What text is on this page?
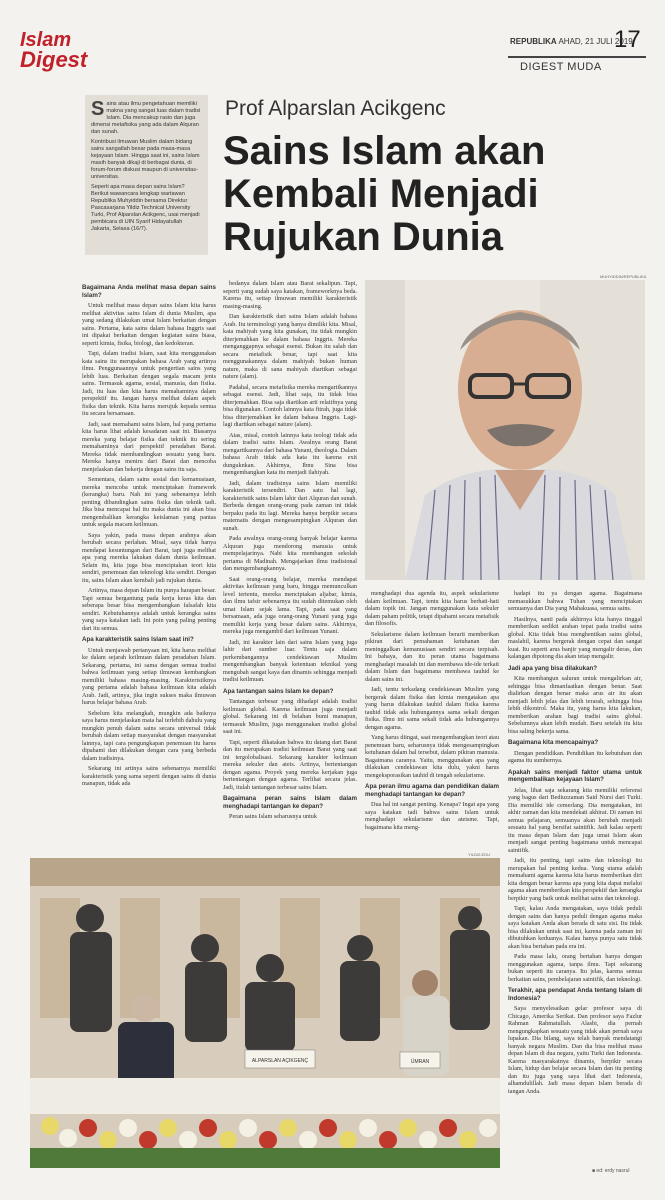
Islam
Digest
REPUBLIKA AHAD, 21 JULI 2019
17
DIGEST MUDA
S ains atau ilmu pengetahuan memiliki makna yang sangat luas dalam tradisi Islam. Dia mencakup rasio dan juga dimensi metafisika yang ada dalam Alquran dan sunah.

Kontribusi ilmuwan Muslim dalam bidang sains sangatlah besar pada masa-masa kejayaan Islam. Hingga saat ini, sains Islam masih banyak dikaji di berbagai dunia, di forum-forum diskusi maupun di universitas-universitas.

Seperti apa masa depan sains Islam? Berikut wawancara lengkap wartawan Republika Muhyiddin bersama Direktur Pascasarjana Yildiz Technical University Turki, Prof Alparslan Acikgenc, usai menjadi pembicara di UIN Syarif Hidayatullah Jakarta, Selasa (16/7).

Prof Alparslan Acikgenc
Sains Islam akan Kembali Menjadi Rujukan Dunia
MUHYIDDIN/REPUBLIKA

Bagaimana Anda melihat masa depan sains Islam?

Untuk melihat masa depan sains Islam kita harus melihat aktivitas sains Islam di dunia Muslim, apa yang sedang dilakukan umat Islam berkaitan dengan sains. Pertama, kata sains dalam bahasa Inggris saat ini dipakai berkaitan dengan kegiatan sains biasa, seperti kimia, fisika, biologi, dan kedokteran.

Tapi, dalam tradisi Islam, saat kita menggunakan kata sains itu merupakan bahasa Arab yang artinya ilmu. Penggunaannya untuk pengertian sains yang lebih luas. Berkaitan dengan segala macam jenis sains. Termasuk agama, sosial, manusia, dan fisika. Jadi, itu luas dan kita harus memahaminya dalam perspektif itu. Jangan hanya melihat dalam aspek fisika dan teknik. Kita harus merujuk kepada semua itu secara bersamaan.

Jadi, saat memahami sains Islam, hal yang pertama kita harus lihat adalah kesadaran saat ini. Biasanya mereka yang belajar fisika dan teknik itu sering memahaminya dari perspektif peradaban Barat. Mereka tidak membandingkan sesuatu yang baru. Mereka hanya meniru dari Barat dan mencoba menjelaskan dan bekerja dengan sains itu saja.

Sementara, dalam sains sosial dan kemanusiaan, mereka mencoba untuk menciptakan framework (kerangka) baru. Nah ini yang sebenarnya lebih penting dibandingkan sains fisika dan teknik tadi. Jika bisa mencapai hal itu maka dunia ini akan bisa mengembalikan kerangka keislaman yang pantas untuk segala macam keilmuan.

Saya yakin, pada masa depan arahnya akan berubah secara perlahan. Misal, saya tidak hanya mendapat kesuntungan dari Barat, tapi juga melihat apa yang mereka lakukan dalam dunia keilmuan. Selain itu, kita juga bisa menciptakan teori kita sendiri, penemuan dan teknologi kita sendiri. Dengan itu, sains Islam akan kembali jadi rujukan dunia.

Artinya, masa depan Islam itu punya harapan besar. Tapi semua bergantung pada kerja keras kita dan seberapa besar bisa mengembangkan falsafah kita sendiri. Kebutuhannya adalah untuk kerangka sains yang saya katakan tadi. Ini poin yang paling penting dari itu semua.

Apa karakteristik sains Islam saat ini?

Untuk menjawab pertanyaan ini, kita harus melihat ke dalam sejarah keilmuan dalam peradaban Islam. Sekarang, pertama, ini sama dengan semua tradisi bahwa keilmuan yang setiap ilmuwan kembangkan memiliki bahasa masing-masing. Karakteristiknya yang pertama adalah bahasa keilmuan kita adalah Arab. Jadi, artinya, jika ingin sukses maka ilmuwan harus belajar bahasa Arab.

Sebelum kita melangkah, mungkin ada baiknya saya harus menjelaskan mata hal terlebih dahulu yang mungkin penuh dalam sains secara universal tidak berubah dalam setiap masyarakat dengan masyarakat lainnya, tapi cara pengungkapan penemuan itu harus dipahami dan dilakukan dengan cara yang berbeda dalam tradisinya.

Sekarang ini artinya sains sebenarnya memiliki karakteristik yang sama seperti dengan sains di dunia manapun, tidak ada

bedanya dalam Islam atau Barat sekalipun. Tapi, seperti yang sudah saya katakan, frameworknya beda. Karena itu, setiap ilmuwan memiliki karakteristik masing-masing.

Dan karakteristik dari sains Islam adalah bahasa Arab. Itu terminologi yang hanya dimiliki kita. Misal, kata mahiyah yang kita gunakan, itu tidak mungkin diterjemahkan ke dalam bahasa Inggris. Mereka menganggapnya sebagai esensi. Bukan itu salah dan secara metafisik benar, tapi saat kita menggunakannya dalam mahiyah bukan human nature, maka di sana mahiyah diartikan sebagai nature (alam).

Padahal, secara metafisika mereka mengartikannya sebagai esensi. Jadi, lihat saja, itu tidak bisa diterjemahkan. Bisa saja diartikan arti relatifnya yang bisa digunakan. Contoh lainnya kata fitrah, juga tidak bisa diterjemahkan ke dalam bahasa Inggris. Lagi-lagi diartikan sebagai nature (alam).

Atas, misal, contoh lainnya kata teologi tidak ada dalam tradisi sains Islam. Awalnya orang Barat mengartikannya dari bahasa Yunani, theologia. Dalam bahasa Arab tidak ada kata itu karena exit dunguknkan. Akhirnya, Ibnu Sina bisa mengembangkan kata itu menjadi ilahiyah.

Jadi, dalam tradisinya sains Islam memiliki karakteristik tersendiri. Dan satu hal lagi, karakteristik sains Islam lahir dari Alquran dan sunah. Berbeda dengan orang-orang pada zaman ini tidak berpaku pada itu lagi. Mereka hanya berpikir secara matematis dengan mengesampingkan Alquran dan sunah.

Pada awalnya orang-orang banyak belajar karena Alquran juga mendorong manusia untuk mempelajarinya. Nabi kita membangun sekolah pertama di Madinah. Mengajarkan ilmu tradisional dan mengembangkannya.

Saat orang-orang belajar, mereka mendapat aktivitas keilmuan yang baru, hingga memunculkan level tertentu, mereka menciptakan aljabar, kimia, dan ilmu tafsir sebenarnya itu sudah ditemukan oleh umat Islam sejak lama. Tapi, pada saat yang bersamaan, ada juga orang-orang Yunani yang juga memiliki kerja yang besar dalam sains. Akhirnya, mereka juga mengambil dari keilmuan Yunani.

Jadi, ini karakter lain dari sains Islam yang juga lahir dari sumber luar. Tentu saja dalam perkembangannya cendekiawan Muslim mengembangkan banyak ketentuan teknikal yang mengubah sangat kaya dan dinamis sehingga menjadi tradisi keilmuan.

Apa tantangan sains Islam ke depan?

Tantangan terbesar yang dihadapi adalah tradisi keilmuan global. Karena keilmuan juga menjadi global. Sekarang ini di belahan bumi manapun, termasuk Muslim, juga menggunakan tradisi global saat ini.

Tapi, seperti dikatakan bahwa itu datang dari Barat dan itu merupakan tradisi keilmuan Barat yang saat ini tergolobalisasi. Sekarang karakter keilmuan mereka sekuler dan ateis. Artinya, bertentangan dengan agama. Proyek yang mereka kerjakan juga bertentangan dengan agama. Terlihat secara jelas. Jadi, itulah tantangan terbesar sains Islam.

Bagaimana peran sains Islam dalam menghadapi tantangan ke depan?

Peran sains Islam seharusnya untuk

menghadapi dua agenda itu, aspek sekularisme dalam keilmuan. Tapi, tentu kita harus berhati-hati dalam topik ini. Jangan menggunakan kata sekuler dalam paham politik, tetapi dipahami secara metafisik dan filosofis.

Sekularisme dalam keilmuan berarti memberikan pikiran dari pemahaman ketuhanan dan meninggalkan kemanusiaan sendiri secara terpisah. Ini bahaya, dan itu peran utama bagaimana menghadapi masalah ini dan membawa ide-ide terkait dalam Islam dan bagaimana membawa tauhid ke dalam sains ini.

Jadi, tentu terkadang cendekiawan Muslim yang bergerak dalam fisika dan kimia mengatakan apa yang harus dilakukan tauhid dalam fisika karena tauhid tidak ada hubungannya sama sekali dengan fisika. Ilmu ini sama sekali tidak ada hubungannya dengan agama.

Yang harus diingat, saat mengembangkan teori atau penemuan baru, seharusnya tidak mengesampingkan ketuhanan dalam hal tersebut, dalam pikiran manusia. Bagaimana caranya. Yaitu, menggunakan apa yang dilakukan cendekiawan kita dulu, yakni harus mengeksporasikan tauhid di tengah sekularisme.

Apa peran ilmu agama dan pendidikan dalam menghadapi tantangan ke depan?

Dua hal ini sangat penting. Kenapa? Ingat apa yang saya katakan tadi bahwa sains Islam untuk menghadapi sekularisme dan ateisme. Tapi, bagaimana kita meng-

hadapi itu ya dengan agama. Bagaimana memasukkan bahwa Tuhan yang menciptakan semuanya dan Dia yang Mahakuasa, semua sains.

Hasilnya, nanti pada akhirnya kita hanya tinggal memberikan sedikit arahan tepat pada tradisi sains global. Kita tidak bisa menghentikan sains global, maslahil, karena bergerak dengan cepat dan sangat kuat. Itu seperti arus banjir yang mengalir deras, dan kalangan dipotong dia akan tetap mengalir.

Jadi apa yang bisa dilakukan?

Kita membangun saluran untuk mengalirkan air, sehingga bisa dimanfaatkan dengan benar. Saat dialirkan dengan benar maka arus air itu akan menjadi lebih jelas dan lebih terarah, sehingga bisa lebih dikontrol. Maka itu, yang harus kita lakukan, memberikan arahan bagi tradisi sains global. Sebelumnya akan lebih mudah. Baru setelah itu kita bisa saling bekerja sama.

Bagaimana kita mencapainya?

Dengan pendidikan. Pendidikan itu kebutuhan dan agama itu sumbernya.

Apakah sains menjadi faktor utama untuk mengembalikan kejayaan Islam?

Jelas, lihat saja sekarang kita memiliki referensi yang bagus dari Bediuzzaman Said Nursi dari Turki. Dia memiliki ide cemerlang. Dia mengatakan, ini akhir zaman dan kita mendekati akhirat. Di zaman ini semua pelajaran, semuanya akan berubah menjadi sesuatu hal yang bersifat saintifik. Jadi kalau seperti itu masa depan Islam dan juga umat Islam akan menjadi sangat penting bagaimana untuk mencapai saintifik.

Jadi, itu penting, tapi sains dan teknologi itu merupakan hal penting kedua. Yang utama adalah memahami agama karena kita harus memberikan diri kita dengan benar karena apa yang kita dapat melalui agama akan memberikan kita perspektif dan kerangka berpikir yang baik untuk melihat sains dan teknologi.

Tapi, kalau Anda mengatakan, saya tidak peduli dengan sains dan hanya peduli dengan agama maka saya katakan Anda akan berada di satu sisi. Itu tidak bisa dilakukan untuk saat ini, karena pada zaman ini dibutuhkan keduanya. Kalau hanya punya satu tidak akan bisa bertahan pada era ini.

Pada masa lalu, orang bertahan hanya dengan menggunakan agama, tanpa ilmu. Tapi sekarang bukan seperti itu caranya. Itu jelas, karena semua berkaitan sains, pembelajaran saintifik, dan teknologi.

Terakhir, apa pendapat Anda tentang Islam di Indonesia?

Saya menyelesaikan gelar profesor saya di Chicago, Amerika Serikat. Dan profesor saya Fazlur Rahman Rahmatullah. Alasbi, dia pernah mengungkapkan sesuatu yang tidak akan pernah saya lupakan. Dia bilang, saya telah banyak mendatangi banyak negara Muslim. Dan dia bisa melihat masa depan Islam di dua negara, yaitu Turki dan Indonesia. Karena masyarakatnya dinamis, berpikir secara Islam, hidup dan belajar secara Islam dan itu penting dan itu juga yang saya lihat dari Indonesia, alhamdulillah. Jadi masa depan Islam berada di tangan Anda.

YILDIZ.EDU
ALPARSLAN AÇIKGENÇ	ÜMRAN
■ ed: erdy nasrul
